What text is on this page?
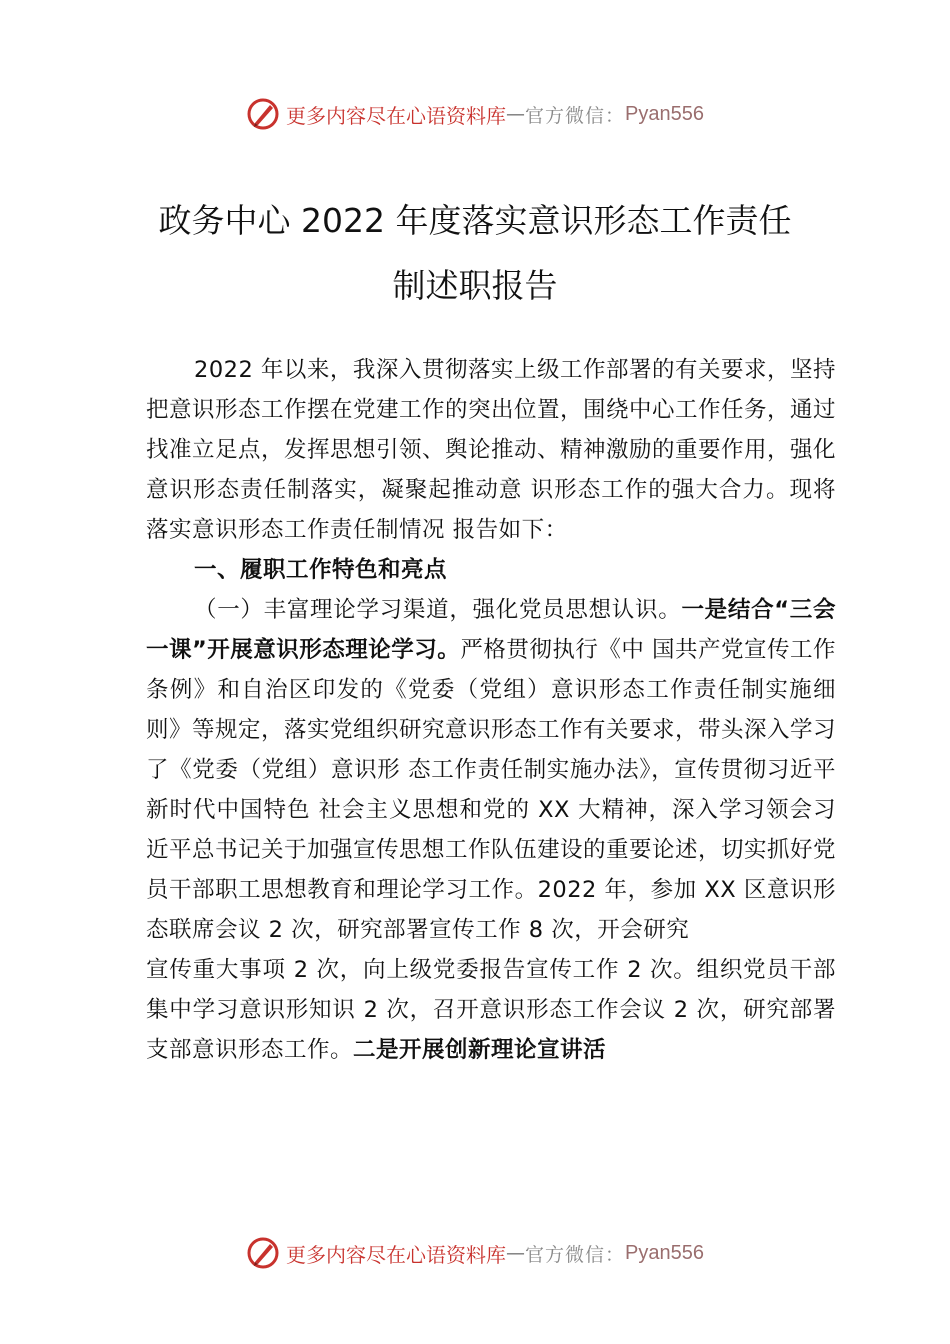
更多内容尽在心语资料库 — 官方微信： Pyan556
政务中心 2022 年度落实意识形态工作责任
制述职报告

2022 年以来，我深入贯彻落实上级工作部署的有关要求，坚持把意识形态工作摆在党建工作的突出位置，围绕中心工作任务，通过找准立足点，发挥思想引领、舆论推动、精神激励的重要作用，强化意识形态责任制落实，凝聚起推动意 识形态工作的强大合力。现将落实意识形态工作责任制情况 报告如下：

一、履职工作特色和亮点

（一）丰富理论学习渠道，强化党员思想认识。一是结合“三会一课”开展意识形态理论学习。严格贯彻执行《中 国共产党宣传工作条例》和自治区印发的《党委（党组）意识形态工作责任制实施细则》等规定，落实党组织研究意识形态工作有关要求，带头深入学习了《党委（党组）意识形 态工作责任制实施办法》，宣传贯彻习近平新时代中国特色 社会主义思想和党的 XX 大精神，深入学习领会习近平总书记关于加强宣传思想工作队伍建设的重要论述，切实抓好党员干部职工思想教育和理论学习工作。2022 年，参加 XX 区意识形态联席会议 2 次，研究部署宣传工作 8 次，开会研究

宣传重大事项 2 次，向上级党委报告宣传工作 2 次。组织党员干部集中学习意识形知识 2 次，召开意识形态工作会议 2 次，研究部署支部意识形态工作。二是开展创新理论宣讲活

更多内容尽在心语资料库 — 官方微信： Pyan556
